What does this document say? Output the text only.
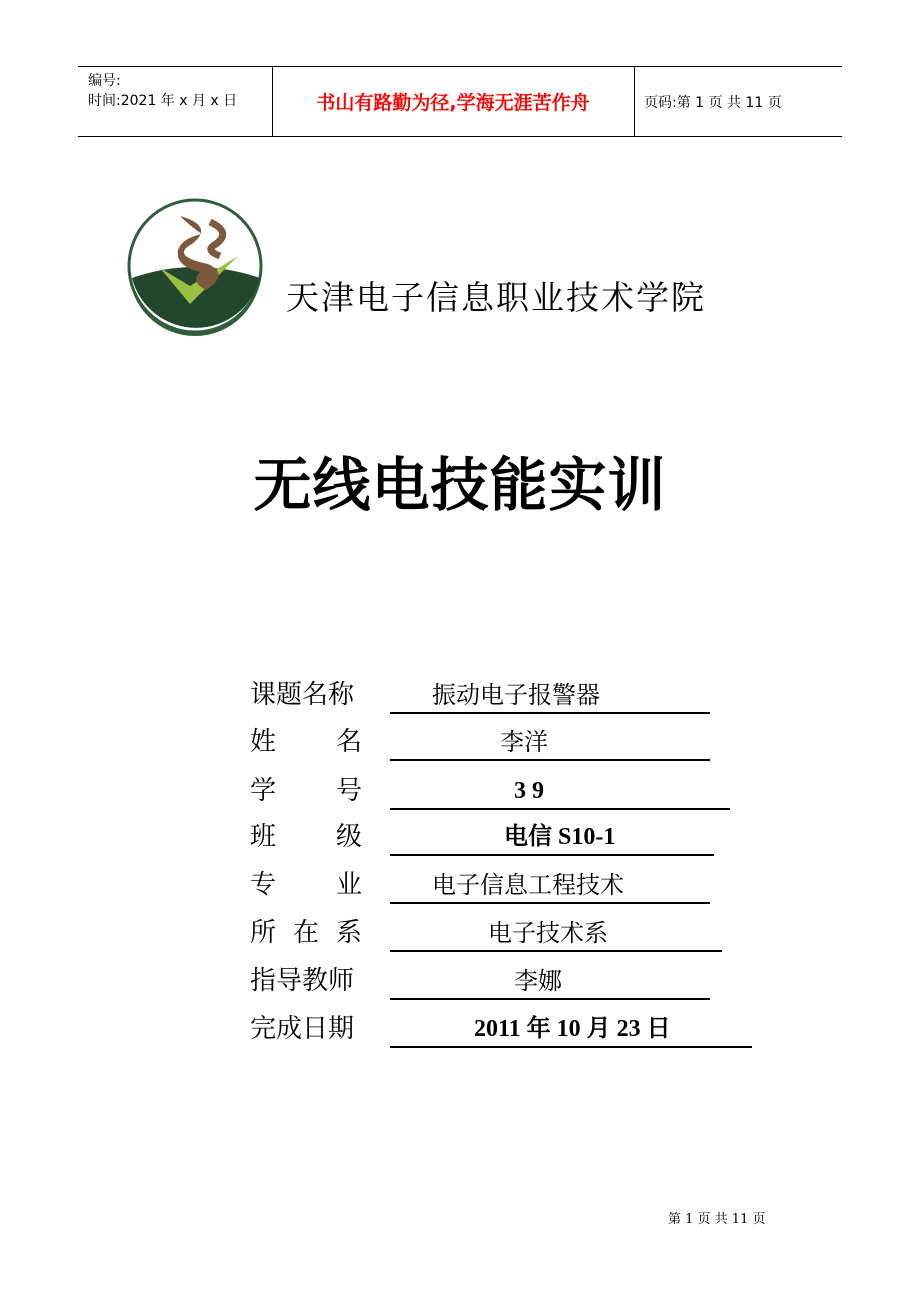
编号:
时间:2021 年 x 月 x 日	书山有路勤为径,学海无涯苦作舟	页码:第 1 页 共 11 页
天津电子信息职业技术学院
无线电技能实训
课题名称	振动电子报警器
姓 名	李洋
学 号	3 9
班 级	电信 S10-1
专 业	电子信息工程技术
所 在 系	电子技术系
指导教师	李娜
完成日期	2011 年 10 月 23 日
第 1 页 共 11 页
